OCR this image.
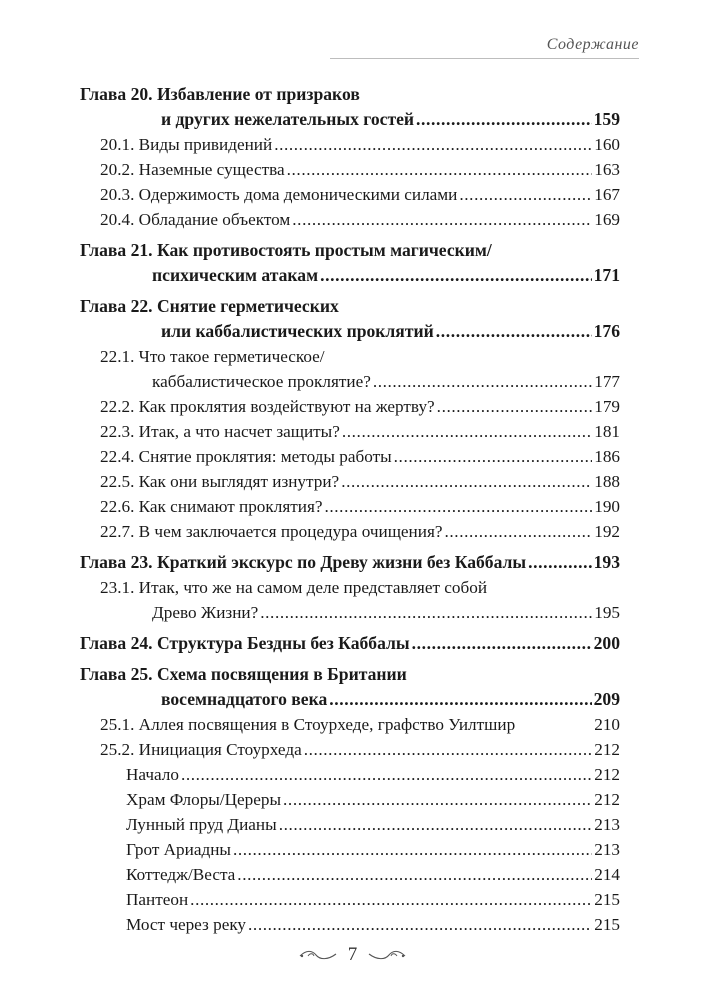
Содержание
Глава 20. Избавление от призраков
и других нежелательных гостей .....	159
20.1. Виды привидений .....	160
20.2. Наземные существа .....	163
20.3. Одержимость дома демоническими силами .....	167
20.4. Обладание объектом .....	169
Глава 21. Как противостоять простым магическим/
психическим атакам .....	171
Глава 22. Снятие герметических
или каббалистических проклятий .....	176
22.1. Что такое герметическое/
каббалистическое проклятие? .....	177
22.2. Как проклятия воздействуют на жертву? .....	179
22.3. Итак, а что насчет защиты? .....	181
22.4. Снятие проклятия: методы работы .....	186
22.5. Как они выглядят изнутри? .....	188
22.6. Как снимают проклятия? .....	190
22.7. В чем заключается процедура очищения? .....	192
Глава 23. Краткий экскурс по Древу жизни без Каббалы .....	193
23.1. Итак, что же на самом деле представляет собой
Древо Жизни? .....	195
Глава 24. Структура Бездны без Каббалы .....	200
Глава 25. Схема посвящения в Британии
восемнадцатого века .....	209
25.1. Аллея посвящения в Стоурхеде, графство Уилтшир	210
25.2. Инициация Стоурхеда .....	212
Начало .....	212
Храм Флоры/Цереры .....	212
Лунный пруд Дианы .....	213
Грот Ариадны .....	213
Коттедж/Веста .....	214
Пантеон .....	215
Мост через реку .....	215
7
